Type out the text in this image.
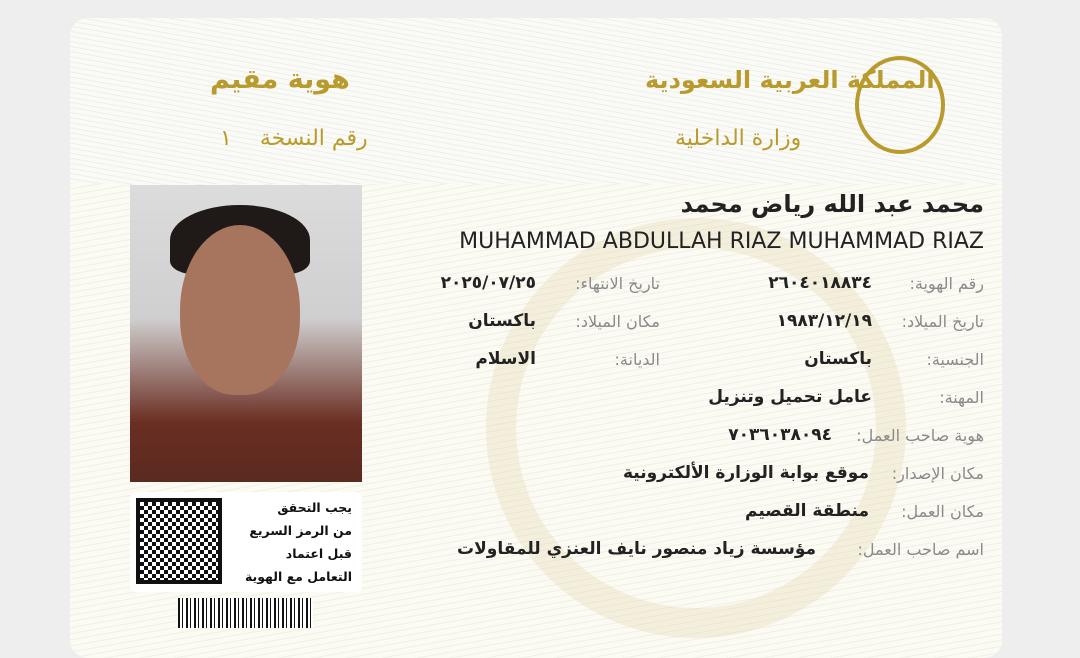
هوية مقيم
رقم النسخة    ١
المملكة العربية السعودية
وزارة الداخلية
يجب التحقق
من الرمز السريع
قبل اعتماد
التعامل مع الهوية
محمد عبد الله رياض محمد
MUHAMMAD ABDULLAH RIAZ MUHAMMAD RIAZ
رقم الهوية:
٢٦٠٤٠١٨٨٣٤
تاريخ الانتهاء:
٢٠٢٥/٠٧/٢٥
تاريخ الميلاد:
١٩٨٣/١٢/١٩
مكان الميلاد:
باكستان
الجنسية:
باكستان
الديانة:
الاسلام
المهنة:
عامل تحميل وتنزيل
هوية صاحب العمل:
٧٠٣٦٠٣٨٠٩٤
مكان الإصدار:
موقع بوابة الوزارة الألكترونية
مكان العمل:
منطقة القصيم
اسم صاحب العمل:
مؤسسة زياد منصور نايف العنزي للمقاولات
